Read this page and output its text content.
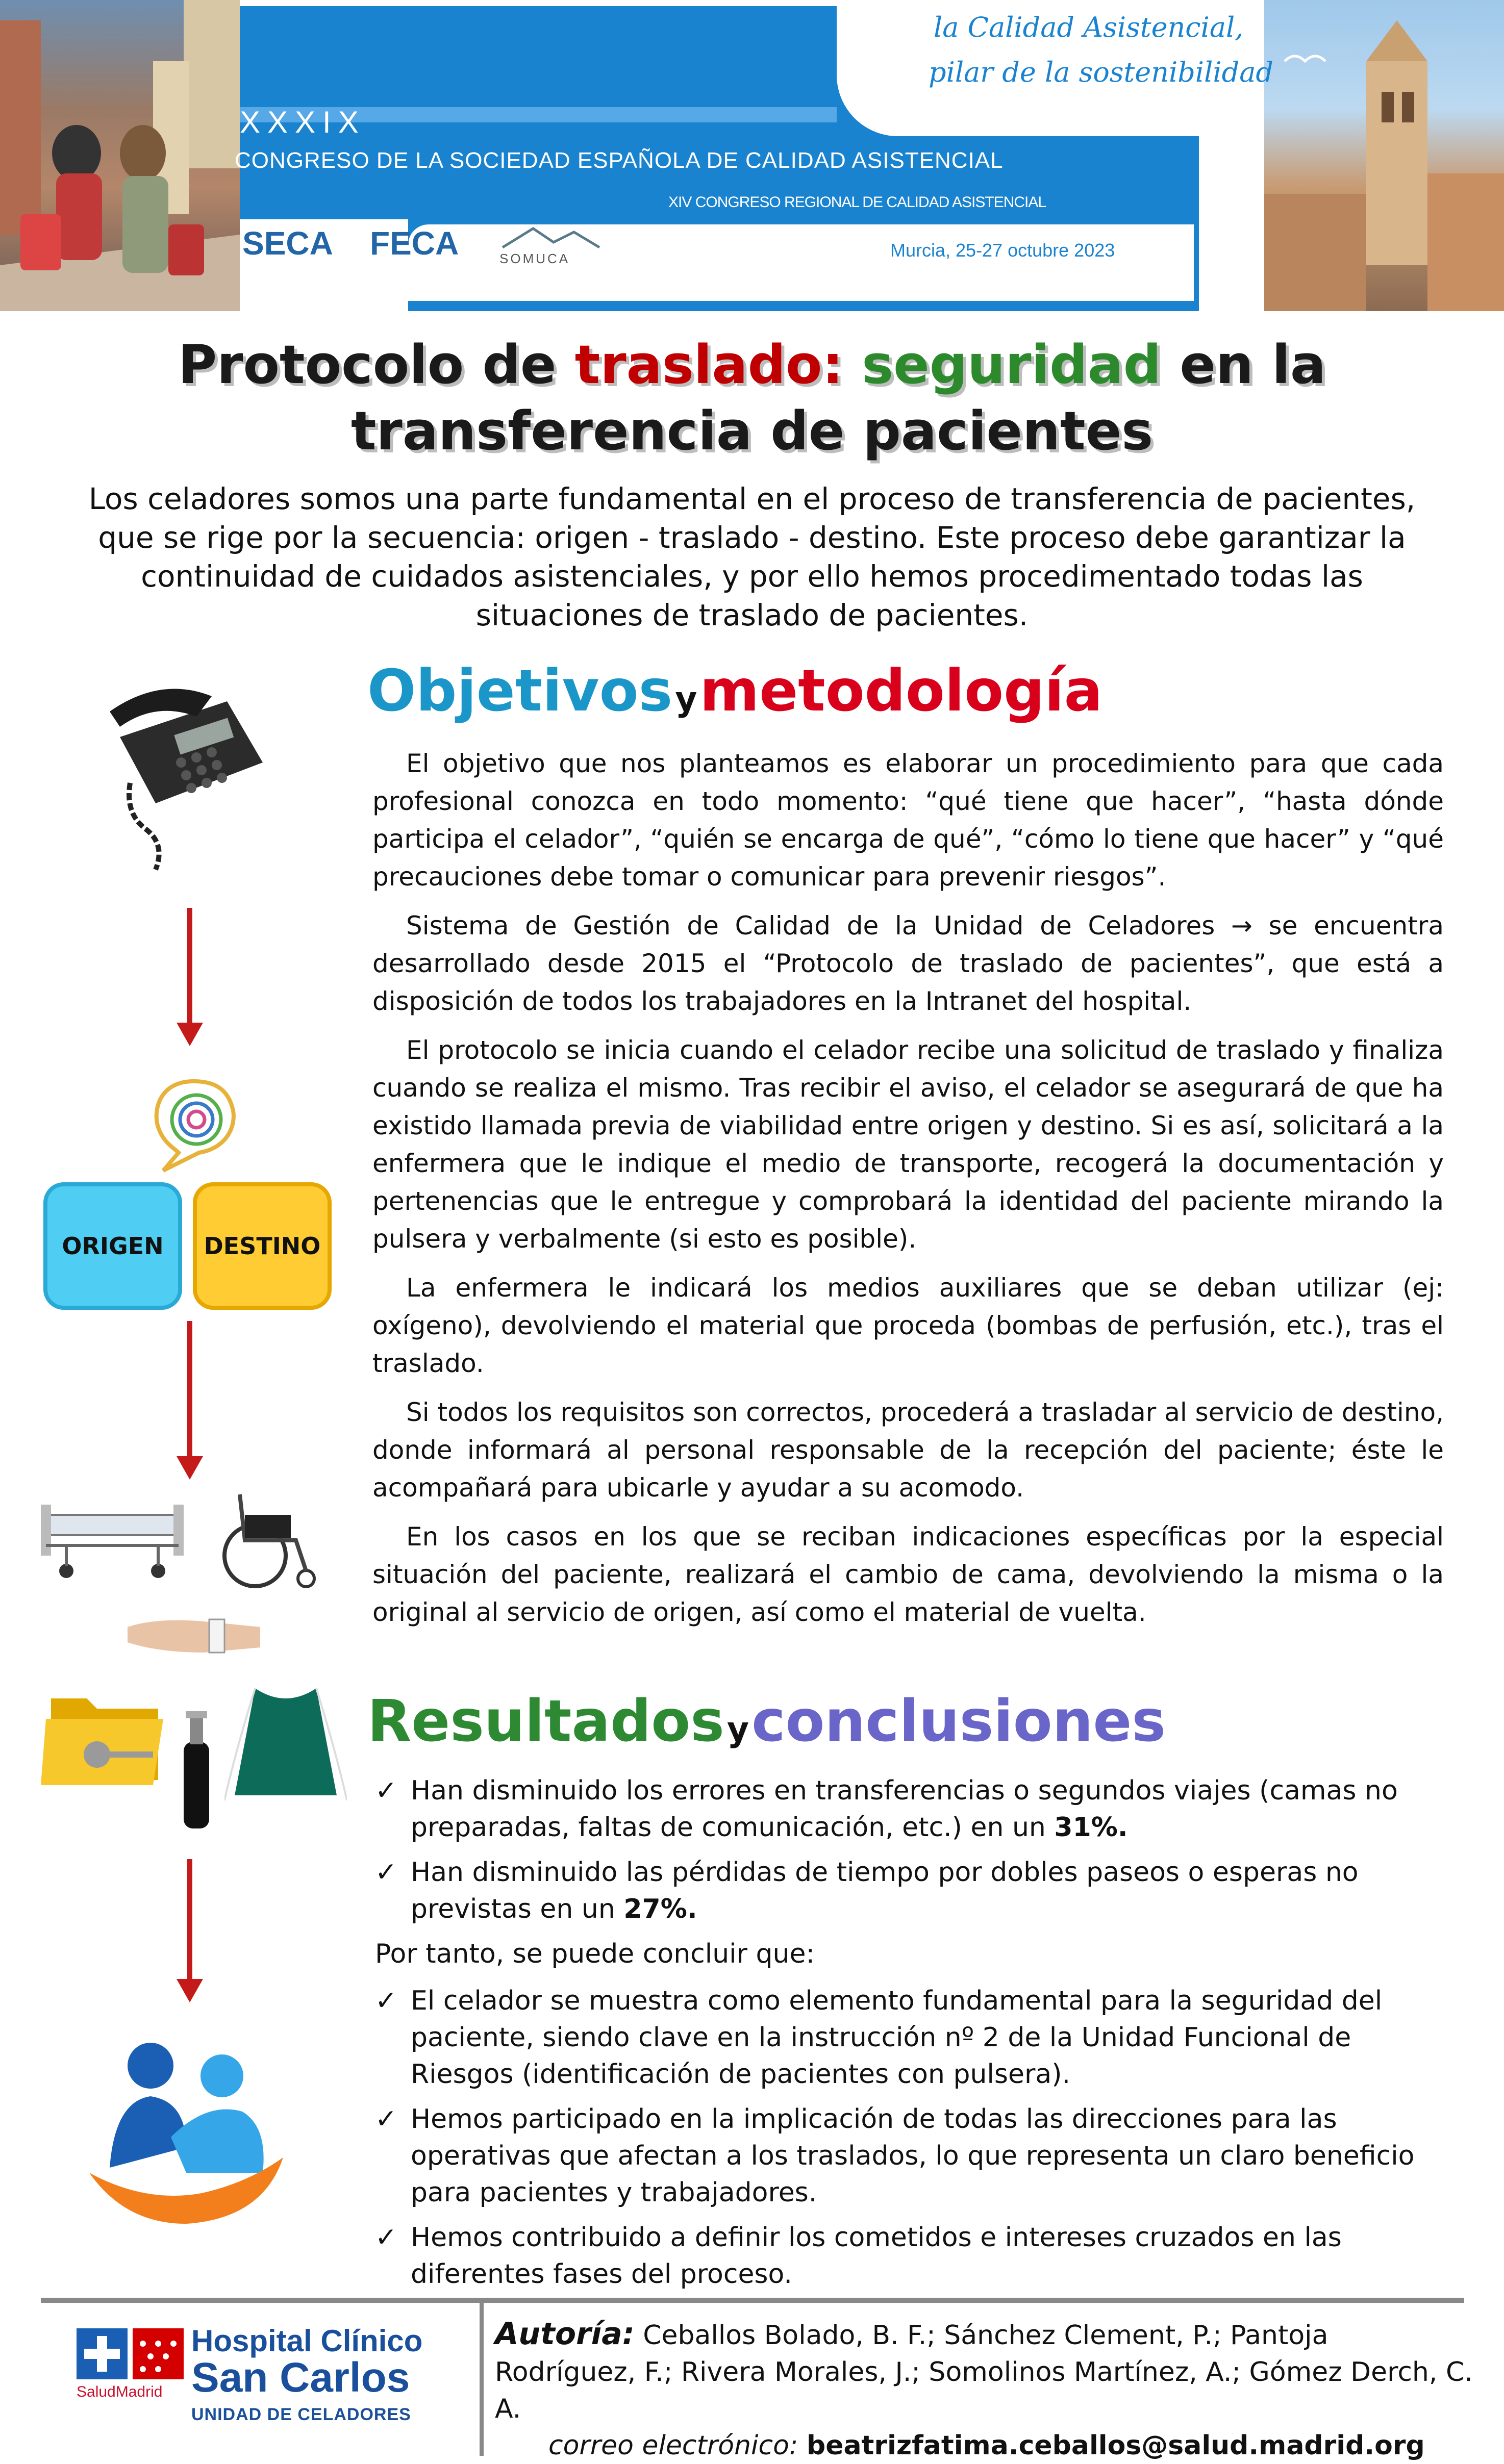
XXXIX
CONGRESO DE LA SOCIEDAD ESPAÑOLA DE CALIDAD ASISTENCIAL
XIV CONGRESO REGIONAL DE CALIDAD ASISTENCIAL
la Calidad Asistencial,
pilar de la sostenibilidad
SECA FECA	SOMUCA	Murcia, 25-27 octubre 2023
Protocolo de traslado: seguridad en la
transferencia de pacientes
Los celadores somos una parte fundamental en el proceso de transferencia de pacientes, que se rige por la secuencia: origen - traslado - destino. Este proceso debe garantizar la continuidad de cuidados asistenciales, y por ello hemos procedimentado todas las situaciones de traslado de pacientes.
ORIGEN DESTINO
Objetivos y metodología

El objetivo que nos planteamos es elaborar un procedimiento para que cada profesional conozca en todo momento: “qué tiene que hacer”, “hasta dónde participa el celador”, “quién se encarga de qué”, “cómo lo tiene que hacer” y “qué precauciones debe tomar o comunicar para prevenir riesgos”.

Sistema de Gestión de Calidad de la Unidad de Celadores → se encuentra desarrollado desde 2015 el “Protocolo de traslado de pacientes”, que está a disposición de todos los trabajadores en la Intranet del hospital.

El protocolo se inicia cuando el celador recibe una solicitud de traslado y finaliza cuando se realiza el mismo. Tras recibir el aviso, el celador se asegurará de que ha existido llamada previa de viabilidad entre origen y destino. Si es así, solicitará a la enfermera que le indique el medio de transporte, recogerá la documentación y pertenencias que le entregue y comprobará la identidad del paciente mirando la pulsera y verbalmente (si esto es posible).

La enfermera le indicará los medios auxiliares que se deban utilizar (ej: oxígeno), devolviendo el material que proceda (bombas de perfusión, etc.), tras el traslado.

Si todos los requisitos son correctos, procederá a trasladar al servicio de destino, donde informará al personal responsable de la recepción del paciente; éste le acompañará para ubicarle y ayudar a su acomodo.

En los casos en los que se reciban indicaciones específicas por la especial situación del paciente, realizará el cambio de cama, devolviendo la misma o la original al servicio de origen, así como el material de vuelta.

Resultados y conclusiones
✓ Han disminuido los errores en transferencias o segundos viajes (camas no preparadas, faltas de comunicación, etc.) en un 31%.
✓ Han disminuido las pérdidas de tiempo por dobles paseos o esperas no previstas en un 27%.
Por tanto, se puede concluir que:
✓ El celador se muestra como elemento fundamental para la seguridad del paciente, siendo clave en la instrucción nº 2 de la Unidad Funcional de Riesgos (identificación de pacientes con pulsera).
✓ Hemos participado en la implicación de todas las direcciones para las operativas que afectan a los traslados, lo que representa un claro beneficio para pacientes y trabajadores.
✓ Hemos contribuido a definir los cometidos e intereses cruzados en las diferentes fases del proceso.
SaludMadrid
Hospital Clínico
San Carlos
UNIDAD DE CELADORES
Autoría: Ceballos Bolado, B. F.; Sánchez Clement, P.; Pantoja Rodríguez, F.; Rivera Morales, J.; Somolinos Martínez, A.; Gómez Derch, C. A.
correo electrónico: beatrizfatima.ceballos@salud.madrid.org
